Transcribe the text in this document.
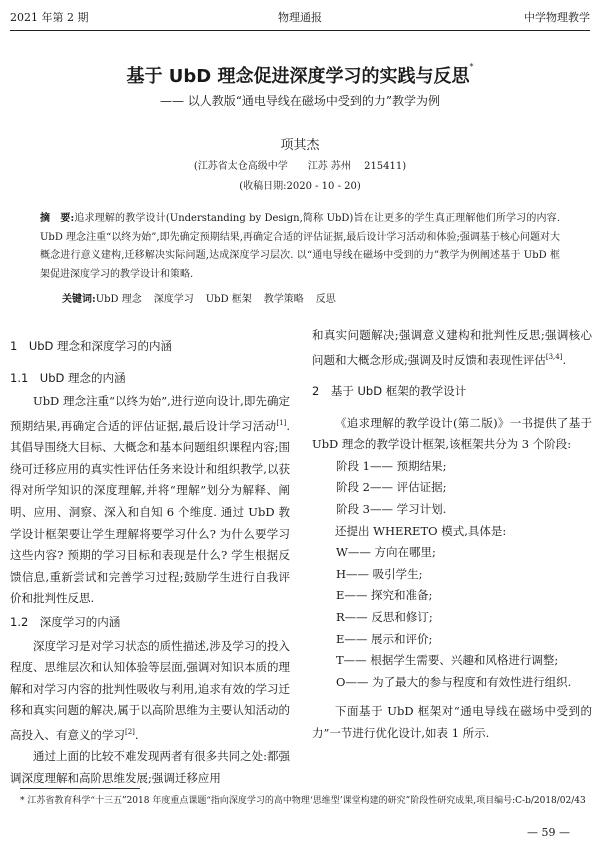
2021 年第 2 期	物理通报	中学物理教学
基于 UbD 理念促进深度学习的实践与反思*
—— 以人教版“通电导线在磁场中受到的力”教学为例
项其杰
(江苏省太仓高级中学　　江苏 苏州　 215411)
(收稿日期:2020 - 10 - 20)
摘　要:追求理解的教学设计(Understanding by Design,简称 UbD)旨在让更多的学生真正理解他们所学习的内容. UbD 理念注重“以终为始”,即先确定预期结果,再确定合适的评估证据,最后设计学习活动和体验;强调基于核心问题对大概念进行意义建构,迁移解决实际问题,达成深度学习层次. 以“通电导线在磁场中受到的力”教学为例阐述基于 UbD 框架促进深度学习的教学设计和策略.
关键词:UbD 理念 深度学习 UbD 框架 教学策略 反思
1　UbD 理念和深度学习的内涵
1.1　UbD 理念的内涵

UbD 理念注重“以终为始”,进行逆向设计,即先确定预期结果,再确定合适的评估证据,最后设计学习活动[1]. 其倡导围绕大目标、大概念和基本问题组织课程内容;围绕可迁移应用的真实性评估任务来设计和组织教学,以获得对所学知识的深度理解,并将“理解”划分为解释、阐明、应用、洞察、深入和自知 6 个维度. 通过 UbD 教学设计框架要让学生理解将要学习什么? 为什么要学习这些内容? 预期的学习目标和表现是什么? 学生根据反馈信息,重新尝试和完善学习过程;鼓励学生进行自我评价和批判性反思.

1.2　深度学习的内涵

深度学习是对学习状态的质性描述,涉及学习的投入程度、思维层次和认知体验等层面,强调对知识本质的理解和对学习内容的批判性吸收与利用,追求有效的学习迁移和真实问题的解决,属于以高阶思维为主要认知活动的高投入、有意义的学习[2].

通过上面的比较不难发现两者有很多共同之处:都强调深度理解和高阶思维发展;强调迁移应用

和真实问题解决;强调意义建构和批判性反思;强调核心问题和大概念形成;强调及时反馈和表现性评估[3,4].

2　基于 UbD 框架的教学设计

《追求理解的教学设计(第二版)》一书提供了基于 UbD 理念的教学设计框架,该框架共分为 3 个阶段:

阶段 1—— 预期结果;

阶段 2—— 评估证据;

阶段 3—— 学习计划.

还提出 WHERETO 模式,具体是:

W—— 方向在哪里;

H—— 吸引学生;

E—— 探究和准备;

R—— 反思和修订;

E—— 展示和评价;

T—— 根据学生需要、兴趣和风格进行调整;

O—— 为了最大的参与程度和有效性进行组织.

下面基于 UbD 框架对“通电导线在磁场中受到的力”一节进行优化设计,如表 1 所示.

* 江苏省教育科学“十三五”2018 年度重点课题“指向深度学习的高中物理‘思维型’课堂构建的研究”阶段性研究成果,项目编号:C-b/2018/02/43
— 59 —
